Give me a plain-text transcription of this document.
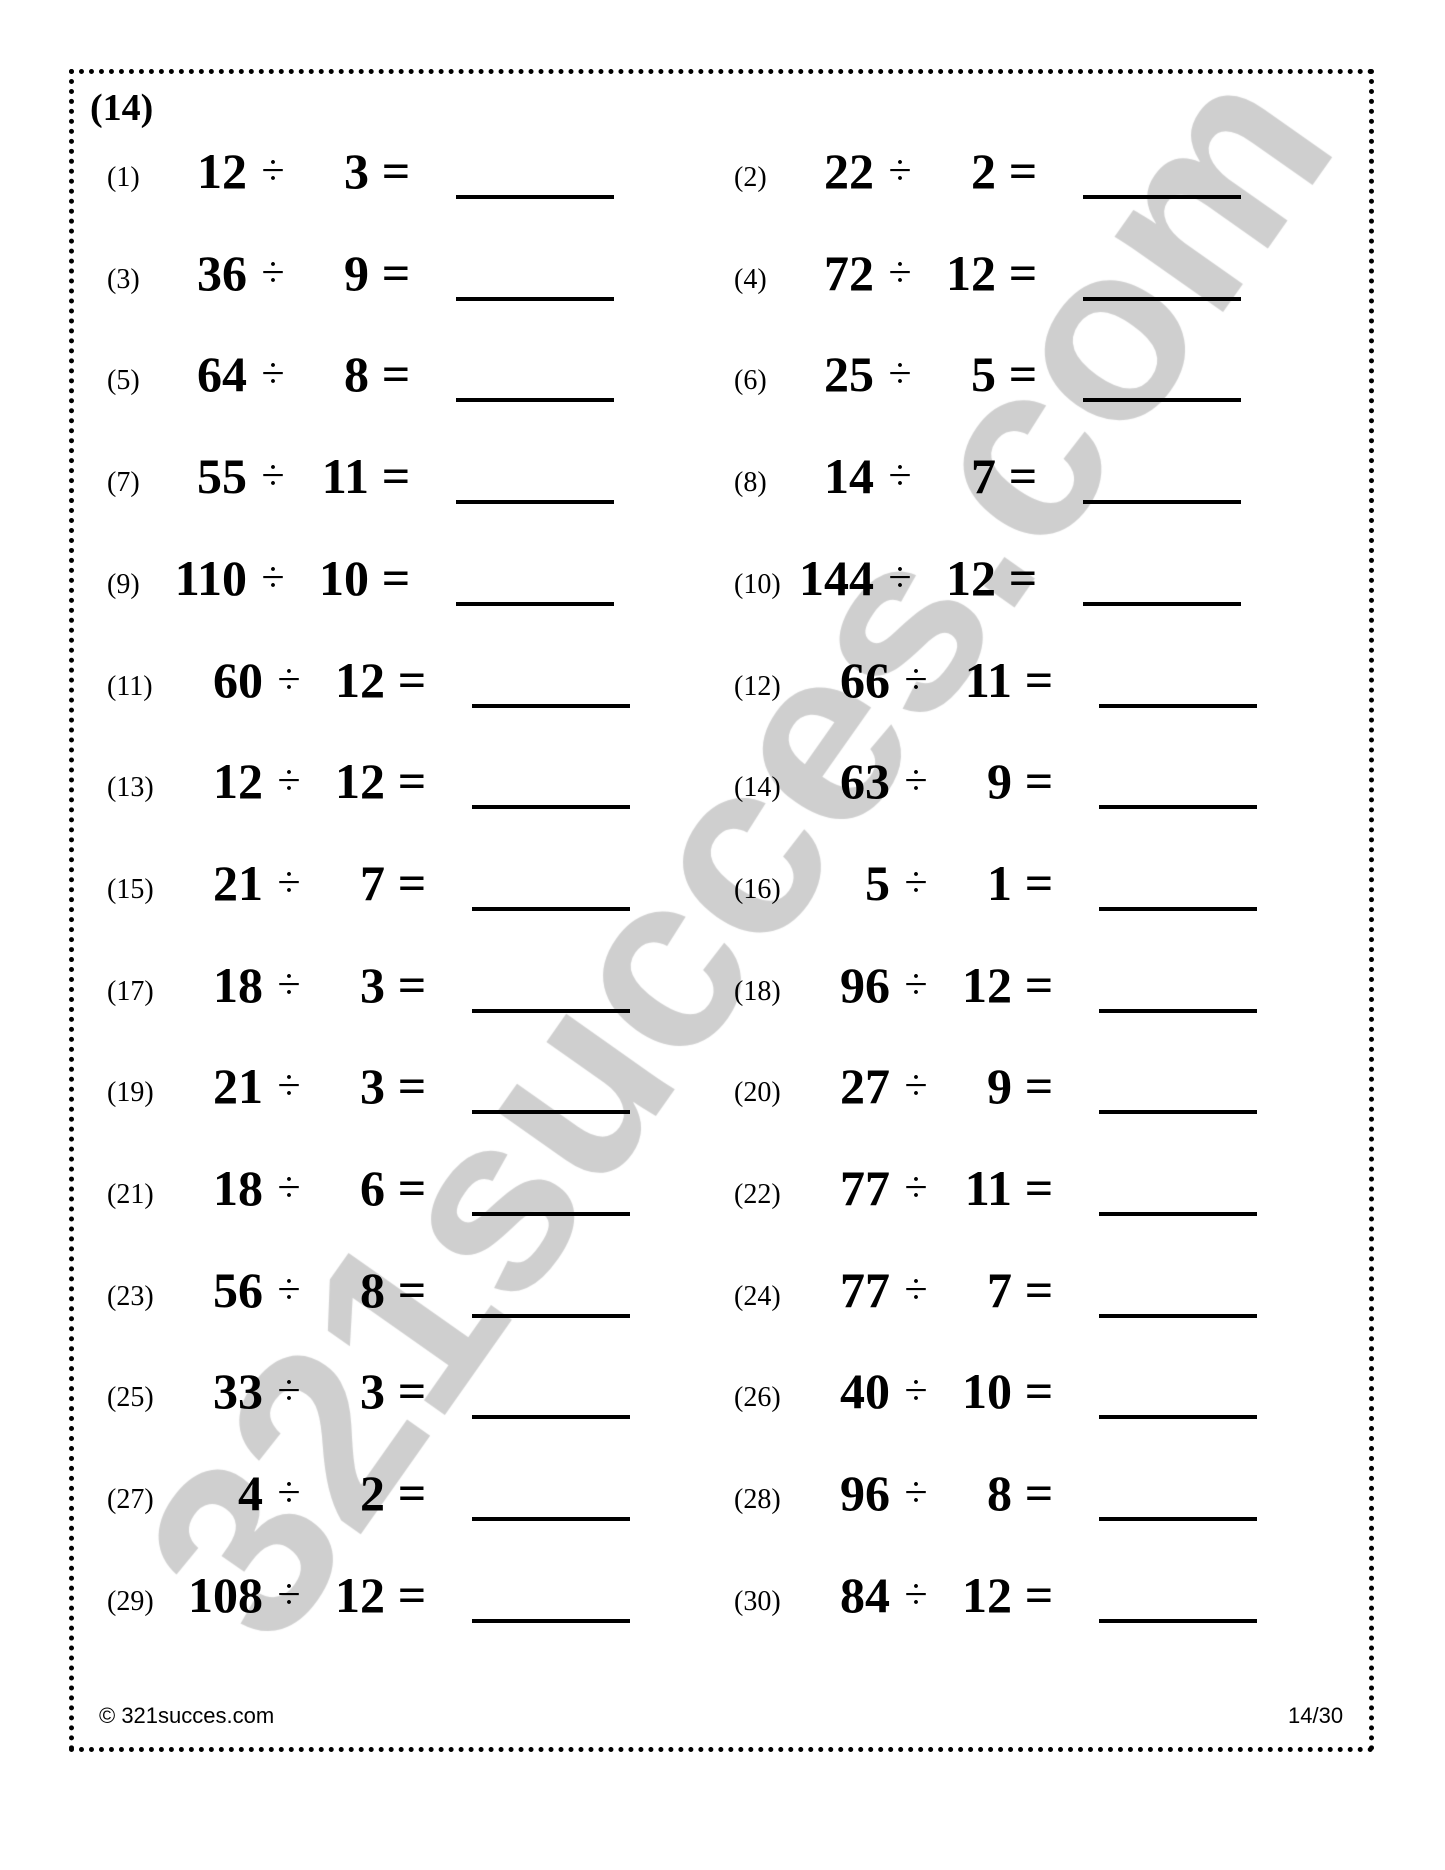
(14)
(1)	12 ÷	3 =	(2)	22 ÷	2 =
(3)	36 ÷	9 =	(4)	72 ÷ 12 =
(5)	64 ÷	8 =	(6)	25 ÷	5 =
(7)	55 ÷ 11 =	(8)	14 ÷	7 =
(9) 110 ÷ 10 =	(10) 144 ÷ 12 =
(11)	60 ÷ 12 =	(12)	66 ÷ 11 =
(13)	12 ÷ 12 =	(14)	63 ÷	9 =
(15)	21 ÷	7 =	(16)	5 ÷	1 =
(17)	18 ÷	3 =	(18)	96 ÷ 12 =
(19)	21 ÷	3 =	(20)	27 ÷	9 =
(21)	18 ÷	6 =	(22)	77 ÷ 11 =
(23)	56 ÷	8 =	(24)	77 ÷	7 =
(25)	33 ÷	3 =	(26)	40 ÷ 10 =
(27)	4 ÷	2 =	(28)	96 ÷	8 =
(29) 108 ÷ 12 =	(30)	84 ÷ 12 =
© 321succes.com	14/30
